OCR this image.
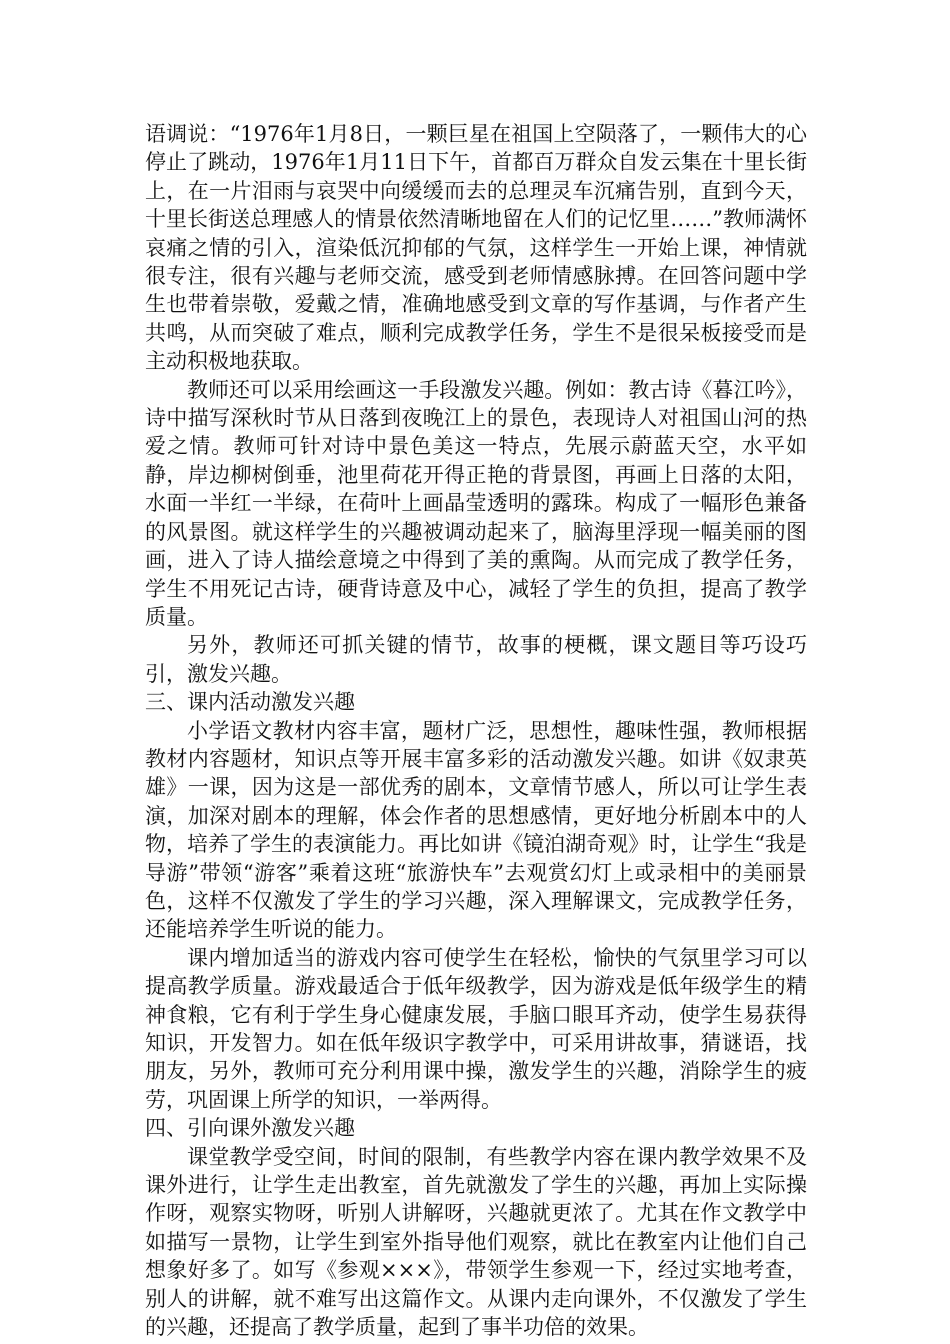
语调说：“1976年1月8日，一颗巨星在祖国上空陨落了，一颗伟大的心停止了跳动，1976年1月11日下午，首都百万群众自发云集在十里长街上，在一片泪雨与哀哭中向缓缓而去的总理灵车沉痛告别，直到今天，十里长街送总理感人的情景依然清晰地留在人们的记忆里……”教师满怀哀痛之情的引入，渲染低沉抑郁的气氛，这样学生一开始上课，神情就很专注，很有兴趣与老师交流，感受到老师情感脉搏。在回答问题中学生也带着崇敬，爱戴之情，准确地感受到文章的写作基调，与作者产生共鸣，从而突破了难点，顺利完成教学任务，学生不是很呆板接受而是主动积极地获取。

教师还可以采用绘画这一手段激发兴趣。例如：教古诗《暮江吟》，诗中描写深秋时节从日落到夜晚江上的景色，表现诗人对祖国山河的热爱之情。教师可针对诗中景色美这一特点，先展示蔚蓝天空，水平如静，岸边柳树倒垂，池里荷花开得正艳的背景图，再画上日落的太阳，水面一半红一半绿，在荷叶上画晶莹透明的露珠。构成了一幅形色兼备的风景图。就这样学生的兴趣被调动起来了，脑海里浮现一幅美丽的图画，进入了诗人描绘意境之中得到了美的熏陶。从而完成了教学任务，学生不用死记古诗，硬背诗意及中心，减轻了学生的负担，提高了教学质量。

另外，教师还可抓关键的情节，故事的梗概，课文题目等巧设巧引，激发兴趣。

三、课内活动激发兴趣

小学语文教材内容丰富，题材广泛，思想性，趣味性强，教师根据教材内容题材，知识点等开展丰富多彩的活动激发兴趣。如讲《奴隶英雄》一课，因为这是一部优秀的剧本，文章情节感人，所以可让学生表演，加深对剧本的理解，体会作者的思想感情，更好地分析剧本中的人物，培养了学生的表演能力。再比如讲《镜泊湖奇观》时，让学生“我是导游”带领“游客”乘着这班“旅游快车”去观赏幻灯上或录相中的美丽景色，这样不仅激发了学生的学习兴趣，深入理解课文，完成教学任务，还能培养学生听说的能力。

课内增加适当的游戏内容可使学生在轻松，愉快的气氛里学习可以提高教学质量。游戏最适合于低年级教学，因为游戏是低年级学生的精神食粮，它有利于学生身心健康发展，手脑口眼耳齐动，使学生易获得知识，开发智力。如在低年级识字教学中，可采用讲故事，猜谜语，找朋友，另外，教师可充分利用课中操，激发学生的兴趣，消除学生的疲劳，巩固课上所学的知识，一举两得。

四、引向课外激发兴趣

课堂教学受空间，时间的限制，有些教学内容在课内教学效果不及课外进行，让学生走出教室，首先就激发了学生的兴趣，再加上实际操作呀，观察实物呀，听别人讲解呀，兴趣就更浓了。尤其在作文教学中如描写一景物，让学生到室外指导他们观察，就比在教室内让他们自己想象好多了。如写《参观×××》，带领学生参观一下，经过实地考查，别人的讲解，就不难写出这篇作文。从课内走向课外，不仅激发了学生的兴趣，还提高了教学质量，起到了事半功倍的效果。
